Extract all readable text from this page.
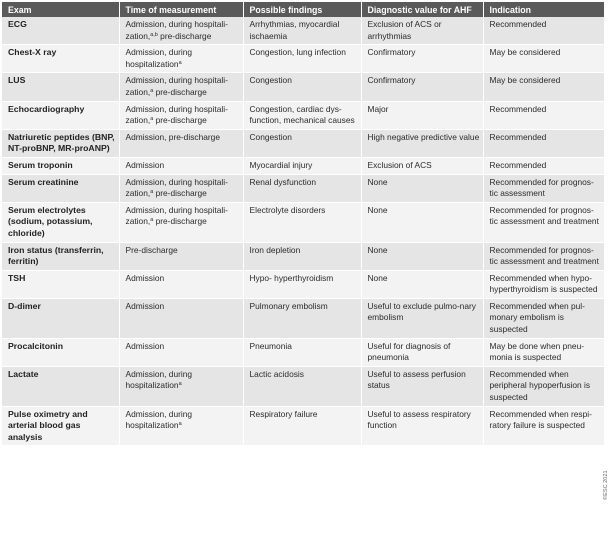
Exam	Time of measurement	Possible findings	Diagnostic value for AHF	Indication
ECG	Admission, during hospitali-zation,$^{a,b}$ pre-discharge	Arrhythmias, myocardial ischaemia	Exclusion of ACS or arrhythmias	Recommended
Chest-X ray	Admission, during hospitalization$^a$	Congestion, lung infection	Confirmatory	May be considered
LUS	Admission, during hospitali-zation,$^a$ pre-discharge	Congestion	Confirmatory	May be considered
Echocardiography	Admission, during hospitali-zation,$^a$ pre-discharge	Congestion, cardiac dys-function, mechanical causes	Major	Recommended
Natriuretic peptides (BNP, NT-proBNP, MR-proANP)	Admission, pre-discharge	Congestion	High negative predictive value	Recommended
Serum troponin	Admission	Myocardial injury	Exclusion of ACS	Recommended
Serum creatinine	Admission, during hospitali-zation,$^a$ pre-discharge	Renal dysfunction	None	Recommended for prognos-tic assessment
Serum electrolytes (sodium, potassium, chloride)	Admission, during hospitali-zation,$^a$ pre-discharge	Electrolyte disorders	None	Recommended for prognos-tic assessment and treatment
Iron status (transferrin, ferritin)	Pre-discharge	Iron depletion	None	Recommended for prognos-tic assessment and treatment
TSH	Admission	Hypo- hyperthyroidism	None	Recommended when hypo-hyperthyroidism is suspected
D-dimer	Admission	Pulmonary embolism	Useful to exclude pulmo-nary embolism	Recommended when pul-monary embolism is suspected
Procalcitonin	Admission	Pneumonia	Useful for diagnosis of pneumonia	May be done when pneu-monia is suspected
Lactate	Admission, during hospitalization$^a$	Lactic acidosis	Useful to assess perfusion status	Recommended when peripheral hypoperfusion is suspected
Pulse oximetry and arterial blood gas analysis	Admission, during hospitalization$^a$	Respiratory failure	Useful to assess respiratory function	Recommended when respi-ratory failure is suspected
©ESC 2021
